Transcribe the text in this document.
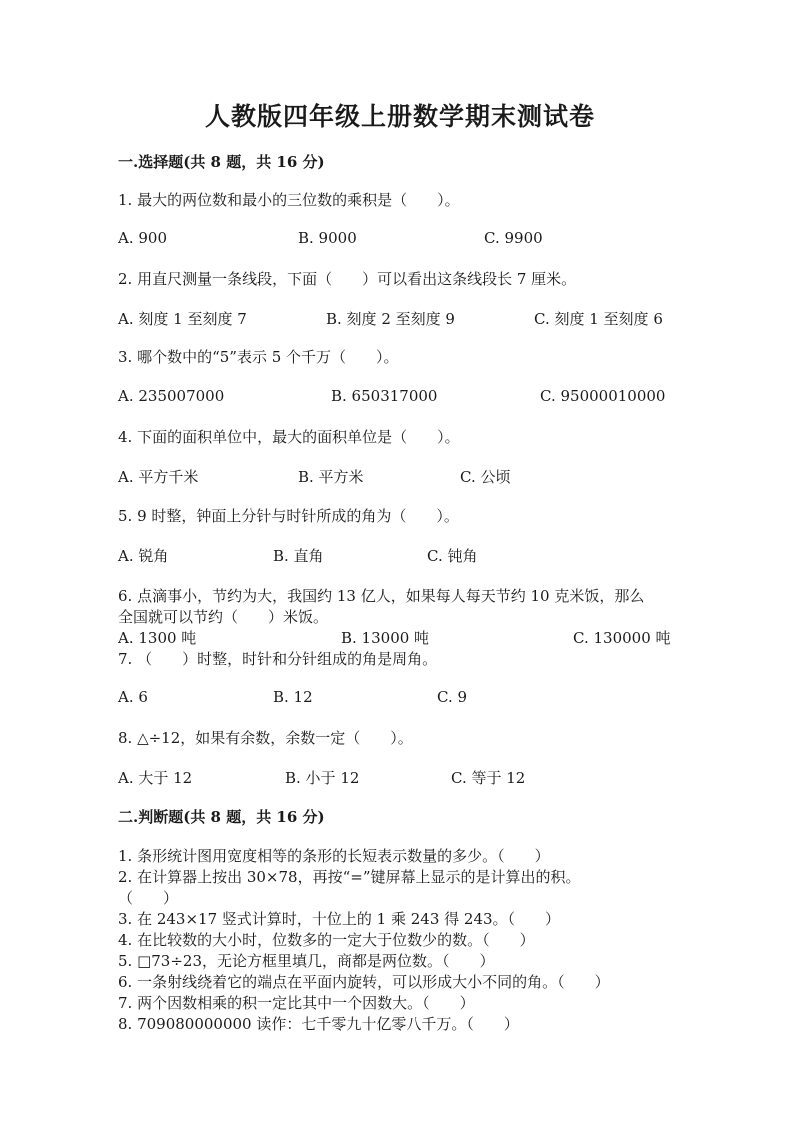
人教版四年级上册数学期末测试卷
一.选择题(共 8 题，共 16 分)
1. 最大的两位数和最小的三位数的乘积是（　　）。
A. 900	B. 9000	C. 9900
2. 用直尺测量一条线段，下面（　　）可以看出这条线段长 7 厘米。
A. 刻度 1 至刻度 7	B. 刻度 2 至刻度 9	C. 刻度 1 至刻度 6
3. 哪个数中的“5”表示 5 个千万（　　）。
A. 235007000	B. 650317000	C. 95000010000
4. 下面的面积单位中，最大的面积单位是（　　）。
A. 平方千米	B. 平方米	C. 公顷
5. 9 时整，钟面上分针与时针所成的角为（　　）。
A. 锐角	B. 直角	C. 钝角
6. 点滴事小，节约为大，我国约 13 亿人，如果每人每天节约 10 克米饭，那么
全国就可以节约（　　）米饭。
A. 1300 吨	B. 13000 吨	C. 130000 吨
7. （　　）时整，时针和分针组成的角是周角。
A. 6	B. 12	C. 9
8. △÷12，如果有余数，余数一定（　　）。
A. 大于 12	B. 小于 12	C. 等于 12
二.判断题(共 8 题，共 16 分)
1. 条形统计图用宽度相等的条形的长短表示数量的多少。（　　）
2. 在计算器上按出 30×78，再按“=”键屏幕上显示的是计算出的积。
（　　）
3. 在 243×17 竖式计算时，十位上的 1 乘 243 得 243。（　　）
4. 在比较数的大小时，位数多的一定大于位数少的数。（　　）
5. □73÷23，无论方框里填几，商都是两位数。（　　）
6. 一条射线绕着它的端点在平面内旋转，可以形成大小不同的角。（　　）
7. 两个因数相乘的积一定比其中一个因数大。（　　）
8. 709080000000 读作：七千零九十亿零八千万。（　　）
